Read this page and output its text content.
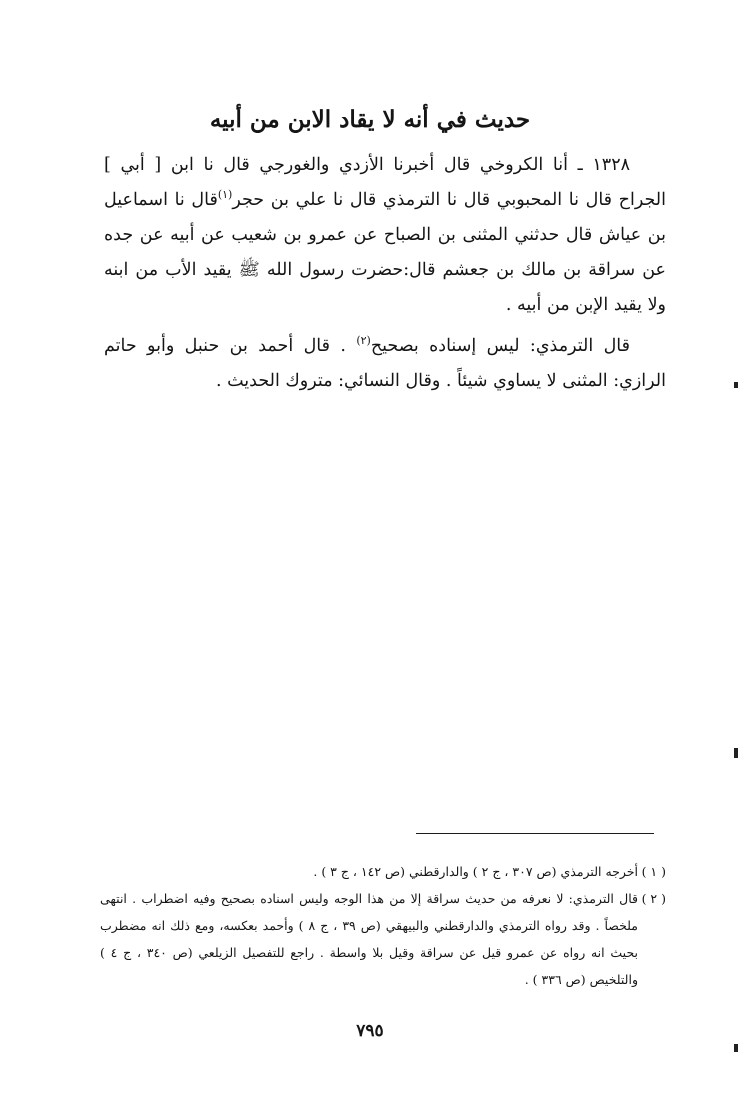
حديث في أنه لا يقاد الابن من أبيه

١٣٢٨ ـ أنا الكروخي قال أخبرنا الأزدي والغورجي قال نا ابن [ أبي ] الجراح قال نا المحبوبي قال نا الترمذي قال نا علي بن حجر$^{(١)}$قال نا اسماعيل بن عياش قال حدثني المثنى بن الصباح عن عمرو بن شعيب عن أبيه عن جده عن سراقة بن مالك بن جعشم قال:حضرت رسول الله ﷺ يقيد الأب من ابنه ولا يقيد الإبن من أبيه .

قال الترمذي: ليس إسناده بصحيح$^{(٢)}$ . قال أحمد بن حنبل وأبو حاتم الرازي: المثنى لا يساوي شيئاً . وقال النسائي: متروك الحديث .

( ١ )
أخرجه الترمذي (ص ٣٠٧ ، ج ٢ ) والدارقطني (ص ١٤٢ ، ج ٣ ) .

( ٢ )
قال الترمذي: لا نعرفه من حديث سراقة إلا من هذا الوجه وليس اسناده بصحيح وفيه اضطراب . انتهى ملخصاً . وقد رواه الترمذي والدارقطني والبيهقي (ص ٣٩ ، ج ٨ ) وأحمد بعكسه، ومع ذلك انه مضطرب بحيث انه رواه عن عمرو قيل عن سراقة وقيل بلا واسطة . راجع للتفصيل الزيلعي (ص ٣٤٠ ، ج ٤ ) والتلخيص (ص ٣٣٦ ) .

٧٩٥
